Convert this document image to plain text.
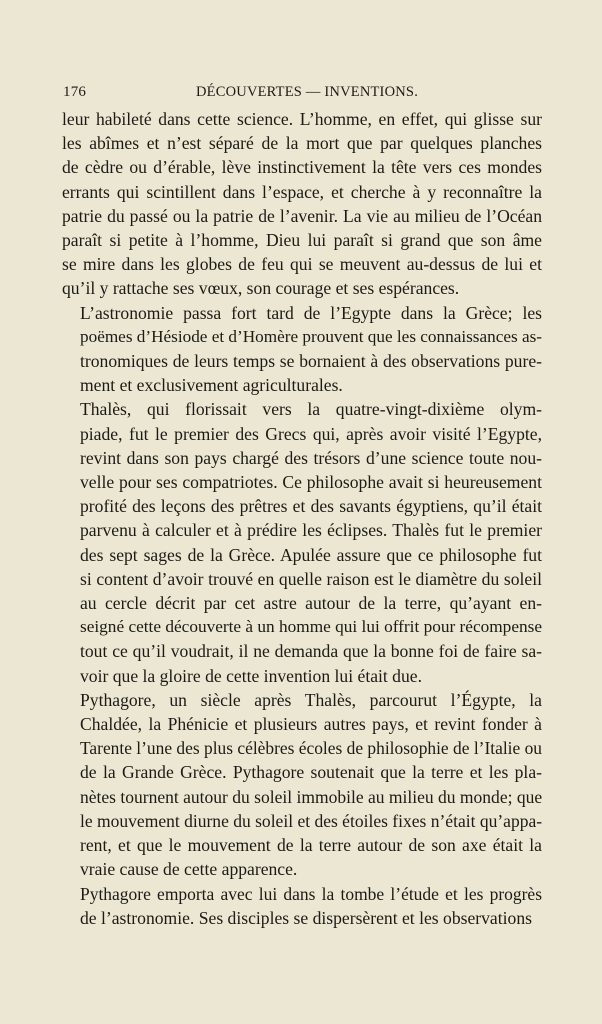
176	DÉCOUVERTES — INVENTIONS.

leur habileté dans cette science. L’homme, en effet, qui glisse sur
les abîmes et n’est séparé de la mort que par quelques planches
de cèdre ou d’érable, lève instinctivement la tête vers ces mondes
errants qui scintillent dans l’espace, et cherche à y reconnaître la
patrie du passé ou la patrie de l’avenir. La vie au milieu de l’Océan
paraît si petite à l’homme, Dieu lui paraît si grand que son âme
se mire dans les globes de feu qui se meuvent au-dessus de lui et
qu’il y rattache ses vœux, son courage et ses espérances.

L’astronomie passa fort tard de l’Egypte dans la Grèce; les
poëmes d’Hésiode et d’Homère prouvent que les connaissances as-
tronomiques de leurs temps se bornaient à des observations pure-
ment et exclusivement agriculturales.

Thalès, qui florissait vers la quatre-vingt-dixième olym-
piade, fut le premier des Grecs qui, après avoir visité l’Egypte,
revint dans son pays chargé des trésors d’une science toute nou-
velle pour ses compatriotes. Ce philosophe avait si heureusement
profité des leçons des prêtres et des savants égyptiens, qu’il était
parvenu à calculer et à prédire les éclipses. Thalès fut le premier
des sept sages de la Grèce. Apulée assure que ce philosophe fut
si content d’avoir trouvé en quelle raison est le diamètre du soleil
au cercle décrit par cet astre autour de la terre, qu’ayant en-
seigné cette découverte à un homme qui lui offrit pour récompense
tout ce qu’il voudrait, il ne demanda que la bonne foi de faire sa-
voir que la gloire de cette invention lui était due.

Pythagore, un siècle après Thalès, parcourut l’Égypte, la
Chaldée, la Phénicie et plusieurs autres pays, et revint fonder à
Tarente l’une des plus célèbres écoles de philosophie de l’Italie ou
de la Grande Grèce. Pythagore soutenait que la terre et les pla-
nètes tournent autour du soleil immobile au milieu du monde; que
le mouvement diurne du soleil et des étoiles fixes n’était qu’appa-
rent, et que le mouvement de la terre autour de son axe était la
vraie cause de cette apparence.

Pythagore emporta avec lui dans la tombe l’étude et les progrès
de l’astronomie. Ses disciples se dispersèrent et les observations
